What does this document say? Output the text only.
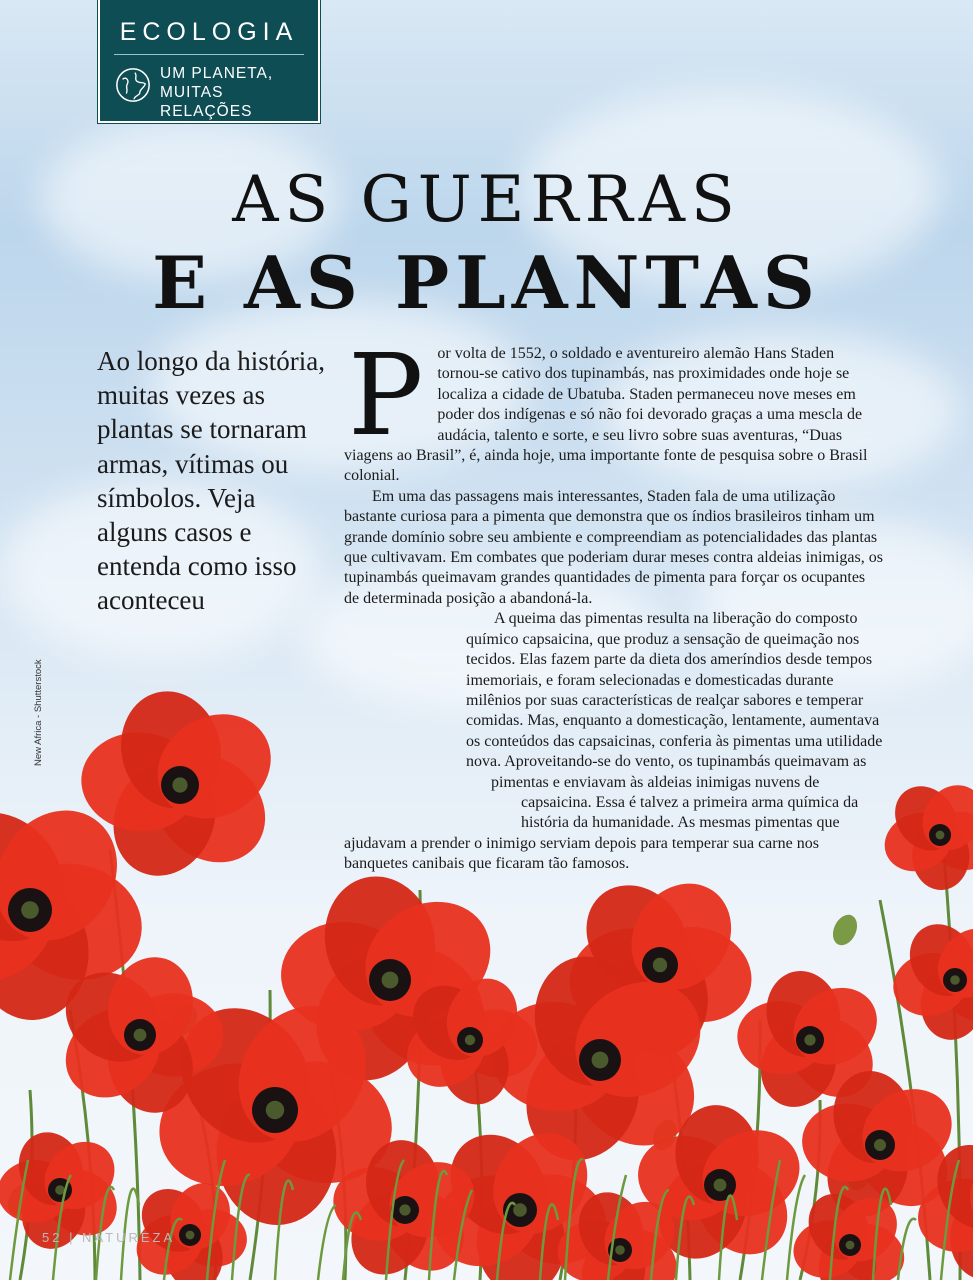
ECOLOGIA
UM PLANETA,
MUITAS RELAÇÕES
AS GUERRAS
E AS PLANTAS
Ao longo da história, muitas vezes as plantas se tornaram armas, vítimas ou símbolos. Veja alguns casos e entenda como isso aconteceu
P or volta de 1552, o soldado e aventureiro alemão Hans Staden tornou-se cativo dos tupinambás, nas proximidades onde hoje se localiza a cidade de Ubatuba. Staden permaneceu nove meses em poder dos indígenas e só não foi devorado graças a uma mescla de audácia, talento e sorte, e seu livro sobre suas aventuras, “Duas viagens ao Brasil”, é, ainda hoje, uma importante fonte de pesquisa sobre o Brasil colonial.

Em uma das passagens mais interessantes, Staden fala de uma utilização bastante curiosa para a pimenta que demonstra que os índios brasileiros tinham um grande domínio sobre seu ambiente e compreendiam as potencialidades das plantas que cultivavam. Em combates que poderiam durar meses contra aldeias inimigas, os tupinambás queimavam grandes quantidades de pimenta para forçar os ocupantes de determinada posição a abandoná-la.

A queima das pimentas resulta na liberação do composto químico capsaicina, que produz a sensação de queimação nos tecidos. Elas fazem parte da dieta dos ameríndios desde tempos imemoriais, e foram selecionadas e domesticadas durante milênios por suas características de realçar sabores e temperar comidas. Mas, enquanto a domesticação, lentamente, aumentava os conteúdos das capsaicinas, conferia às pimentas uma utilidade nova. Aproveitando-se do vento, os tupinambás queimavam as pimentas e enviavam às aldeias inimigas nuvens de capsaicina. Essa é talvez a primeira arma química da história da humanidade. As mesmas pimentas que ajudavam a prender o inimigo serviam depois para temperar sua carne nos banquetes canibais que ficaram tão famosos.

New Africa - Shutterstock
52 | NATUREZA
